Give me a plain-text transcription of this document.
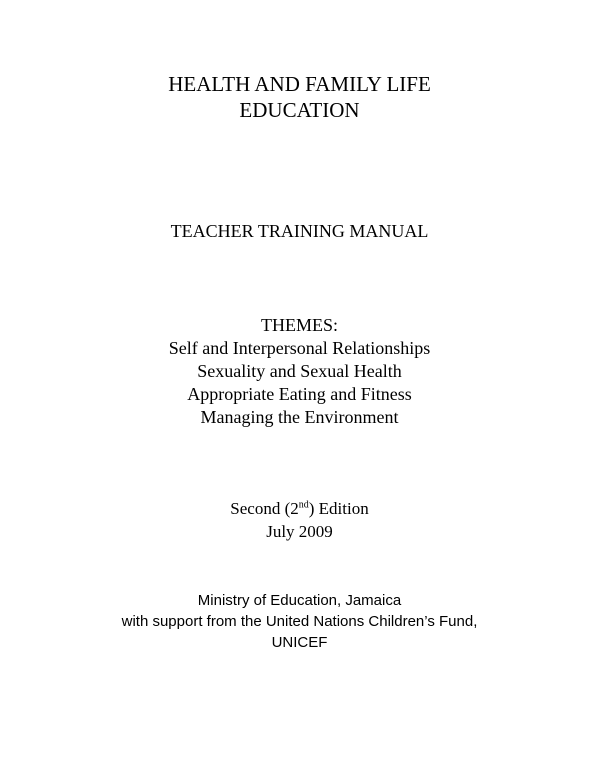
HEALTH AND FAMILY LIFE

EDUCATION

TEACHER TRAINING MANUAL

THEMES:

Self and Interpersonal Relationships

Sexuality and Sexual Health

Appropriate Eating and Fitness

Managing the Environment

Second (2nd) Edition

July 2009

Ministry of Education, Jamaica

with support from the United Nations Children’s Fund,

UNICEF
